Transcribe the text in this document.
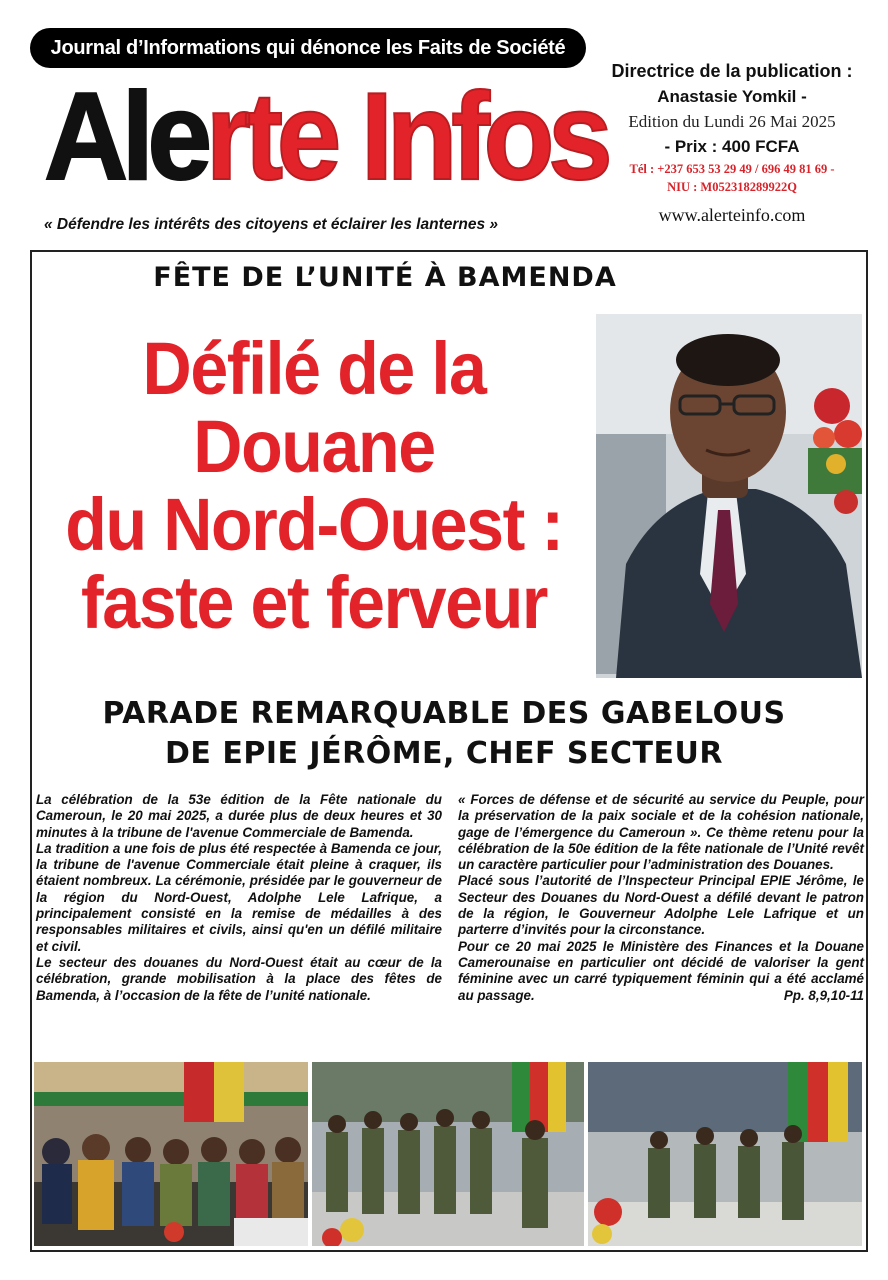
Journal d’Informations qui dénonce les Faits de Société
Alerte Infos
« Défendre les intérêts des citoyens et éclairer les lanternes »
Directrice de la publication :
Anastasie Yomkil -
Edition du Lundi 26 Mai 2025
- Prix : 400 FCFA
Tél : +237 653 53 29 49 / 696 49 81 69 -
NIU : M052318289922Q
www.alerteinfo.com
FÊTE DE L’UNITÉ À BAMENDA
Défilé de la Douane
du Nord-Ouest :
faste et ferveur
PARADE REMARQUABLE DES GABELOUS
DE EPIE JÉRÔME, CHEF SECTEUR

La célébration de la 53e édition de la Fête nationale du Cameroun, le 20 mai 2025, a durée plus de deux heures et 30 minutes à la tribune de l'avenue Commerciale de Bamenda.

La tradition a une fois de plus été respectée à Bamenda ce jour, la tribune de l'avenue Commerciale était pleine à craquer, ils étaient nombreux. La cérémonie, présidée par le gouverneur de la région du Nord-Ouest, Adolphe Lele Lafrique, a principalement consisté en la remise de médailles à des responsables militaires et civils, ainsi qu'en un défilé militaire et civil.

Le secteur des douanes du Nord-Ouest était au cœur de la célébration, grande mobilisation à la place des fêtes de Bamenda, à l’occasion de la fête de l’unité nationale.

« Forces de défense et de sécurité au service du Peuple, pour la préservation de la paix sociale et de la cohésion nationale, gage de l’émergence du Cameroun ». Ce thème retenu pour la célébration de la 50e édition de la fête nationale de l’Unité revêt un caractère particulier pour l’administration des Douanes.

Placé sous l’autorité de l’Inspecteur Principal EPIE Jérôme, le Secteur des Douanes du Nord-Ouest a défilé devant le patron de la région, le Gouverneur Adolphe Lele Lafrique et un parterre d’invités pour la circonstance.

Pour ce 20 mai 2025 le Ministère des Finances et la Douane Camerounaise en particulier ont décidé de valoriser la gent féminine avec un carré typiquement féminin qui a été acclamé au passage.	Pp. 8,9,10-11
